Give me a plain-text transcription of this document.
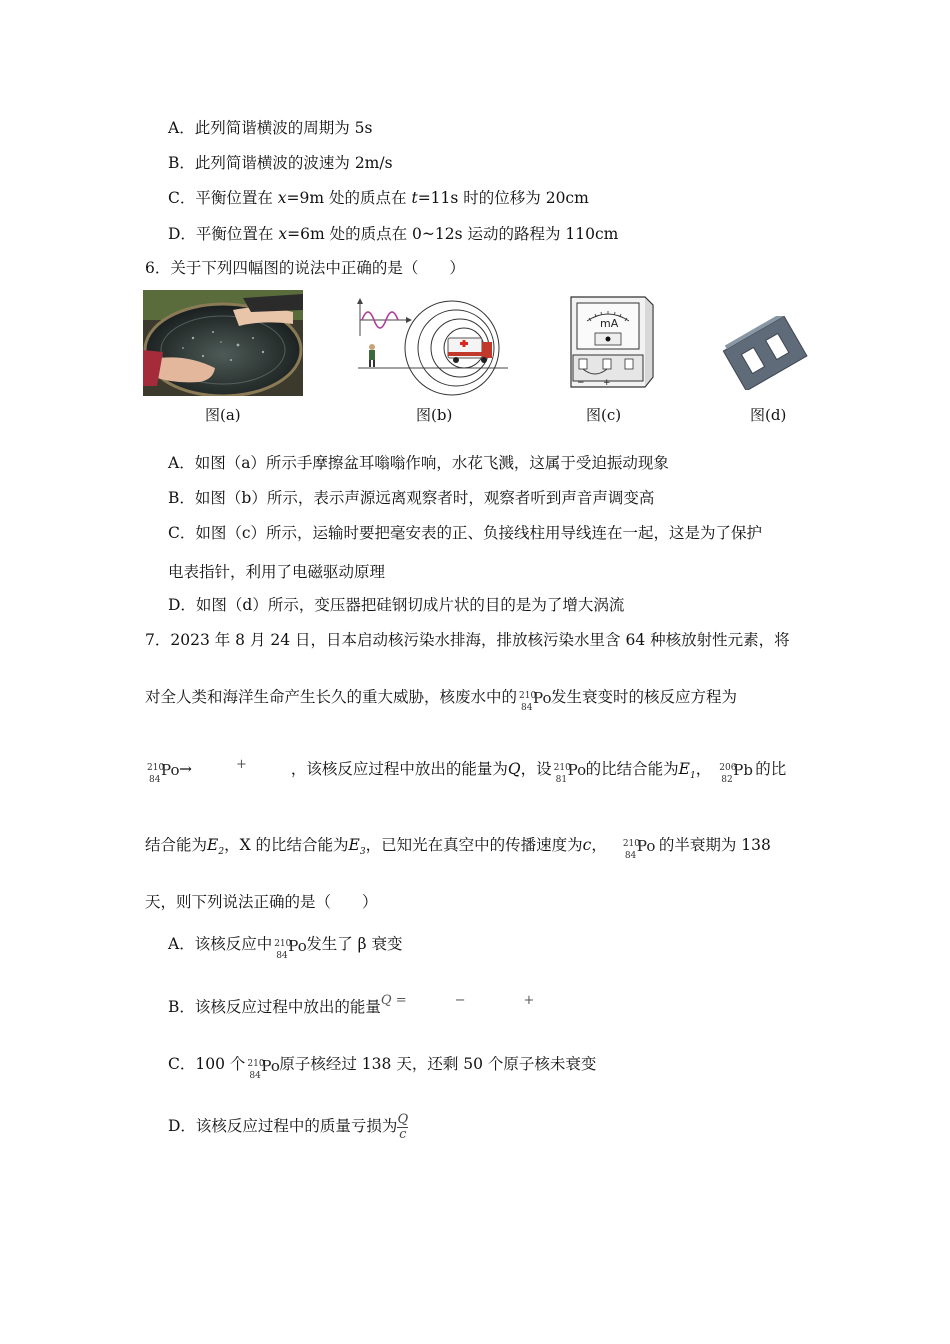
A．此列简谐横波的周期为 5s
B．此列简谐横波的波速为 2m/s
C．平衡位置在 x=9m 处的质点在 t=11s 时的位移为 20cm
D．平衡位置在 x=6m 处的质点在 0~12s 运动的路程为 110cm
6．关于下列四幅图的说法中正确的是（　　）
图(a)	图(b)
mA
− +
图(c)	图(d)
A．如图（a）所示手摩擦盆耳嗡嗡作响，水花飞溅，这属于受迫振动现象
B．如图（b）所示，表示声源远离观察者时，观察者听到声音声调变高
C．如图（c）所示，运输时要把毫安表的正、负接线柱用导线连在一起，这是为了保护
电表指针，利用了电磁驱动原理
D．如图（d）所示，变压器把硅钢切成片状的目的是为了增大涡流
7．2023 年 8 月 24 日，日本启动核污染水排海，排放核污染水里含 64 种核放射性元素，将
对全人类和海洋生命产生长久的重大威胁，核废水中的 210
84
Po 发生衰变时的核反应方程为
210
84
Po →	+	，该核反应过程中放出的能量为Q，设 210
81
Po 的比结合能为$E_1$， 206
82
Pb 的比
结合能为$E_2$，X 的比结合能为$E_3$，已知光在真空中的传播速度为c， 210
84
Po 的半衰期为 138
天，则下列说法正确的是（　　）
A．该核反应中 210
84
Po 发生了 β 衰变
B．该核反应过程中放出的能量$^{Q = - +}$
C．100 个 210
84
Po 原子核经过 138 天，还剩 50 个原子核未衰变
D．该核反应过程中的质量亏损为 $\frac{Q}{c}$
